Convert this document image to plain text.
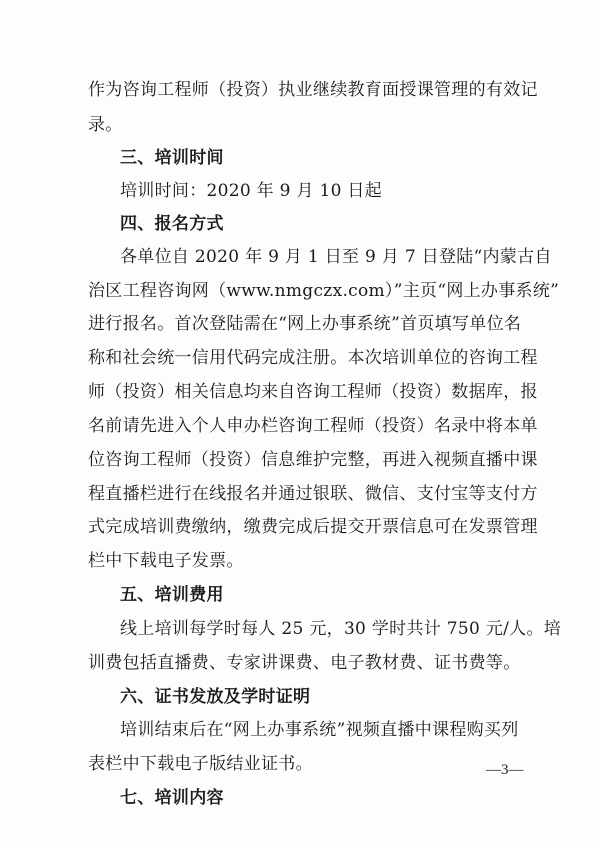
作为咨询工程师（投资）执业继续教育面授课管理的有效记
录。
三、培训时间
培训时间：2020 年 9 月 10 日起
四、报名方式
各单位自 2020 年 9 月 1 日至 9 月 7 日登陆“内蒙古自
治区工程咨询网（www.nmgczx.com）”主页“网上办事系统”
进行报名。首次登陆需在“网上办事系统”首页填写单位名
称和社会统一信用代码完成注册。本次培训单位的咨询工程
师（投资）相关信息均来自咨询工程师（投资）数据库，报
名前请先进入个人申办栏咨询工程师（投资）名录中将本单
位咨询工程师（投资）信息维护完整，再进入视频直播中课
程直播栏进行在线报名并通过银联、微信、支付宝等支付方
式完成培训费缴纳，缴费完成后提交开票信息可在发票管理
栏中下载电子发票。
五、培训费用
线上培训每学时每人 25 元，30 学时共计 750 元/人。培
训费包括直播费、专家讲课费、电子教材费、证书费等。
六、证书发放及学时证明
培训结束后在“网上办事系统”视频直播中课程购买列
表栏中下载电子版结业证书。
七、培训内容
—3—
